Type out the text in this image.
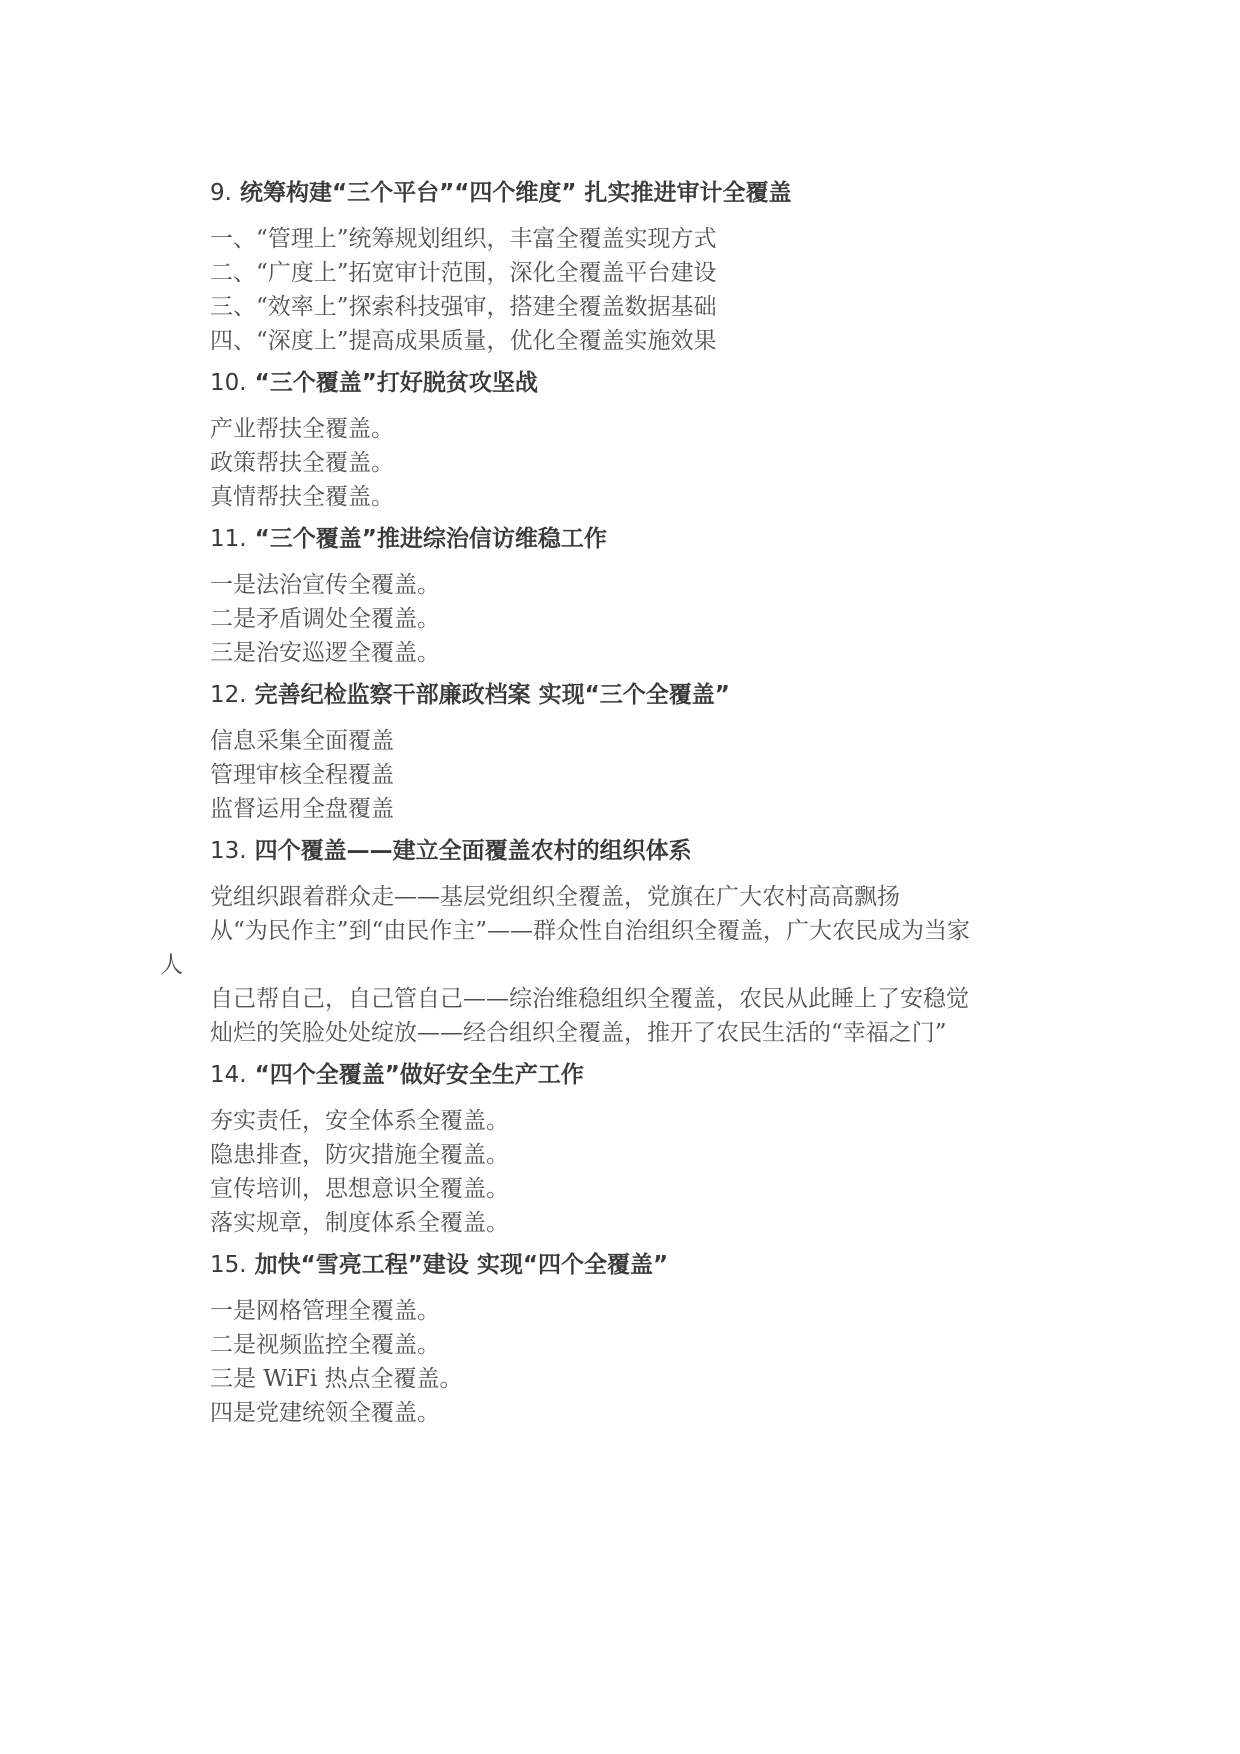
9. 统筹构建“三个平台”“四个维度” 扎实推进审计全覆盖
一、“管理上”统筹规划组织，丰富全覆盖实现方式
二、“广度上”拓宽审计范围，深化全覆盖平台建设
三、“效率上”探索科技强审，搭建全覆盖数据基础
四、“深度上”提高成果质量，优化全覆盖实施效果
10. “三个覆盖”打好脱贫攻坚战
产业帮扶全覆盖。
政策帮扶全覆盖。
真情帮扶全覆盖。
11. “三个覆盖”推进综治信访维稳工作
一是法治宣传全覆盖。
二是矛盾调处全覆盖。
三是治安巡逻全覆盖。
12. 完善纪检监察干部廉政档案 实现“三个全覆盖”
信息采集全面覆盖
管理审核全程覆盖
监督运用全盘覆盖
13. 四个覆盖——建立全面覆盖农村的组织体系
党组织跟着群众走——基层党组织全覆盖，党旗在广大农村高高飘扬
从“为民作主”到“由民作主”——群众性自治组织全覆盖，广大农民成为当家
人
自己帮自己，自己管自己——综治维稳组织全覆盖，农民从此睡上了安稳觉
灿烂的笑脸处处绽放——经合组织全覆盖，推开了农民生活的“幸福之门”
14. “四个全覆盖”做好安全生产工作
夯实责任，安全体系全覆盖。
隐患排查，防灾措施全覆盖。
宣传培训，思想意识全覆盖。
落实规章，制度体系全覆盖。
15. 加快“雪亮工程”建设 实现“四个全覆盖”
一是网格管理全覆盖。
二是视频监控全覆盖。
三是 WiFi 热点全覆盖。
四是党建统领全覆盖。
